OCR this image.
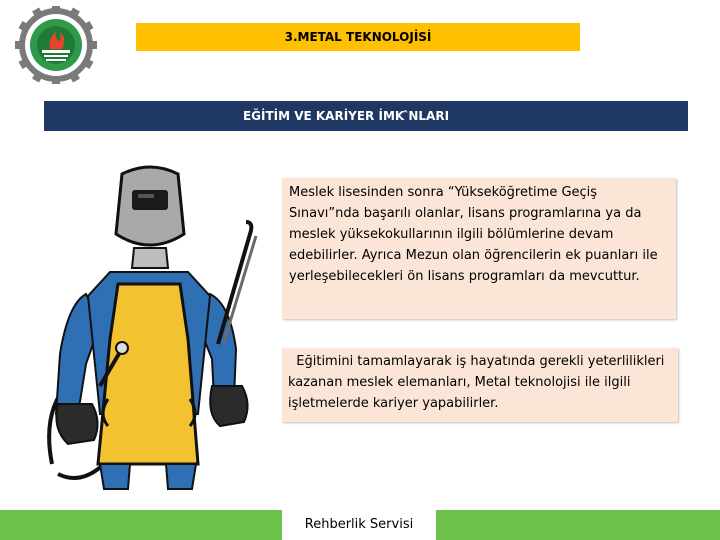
3.METAL TEKNOLOJİSİ
EĞİTİM VE KARİYER İMK ̂NLARI
Meslek lisesinden sonra “Yükseköğretime Geçiş Sınavı”nda başarılı olanlar, lisans programlarına ya da meslek yüksekokullarının ilgili bölümlerine devam edebilirler. Ayrıca Mezun olan öğrencilerin ek puanları ile yerleşebilecekleri ön lisans programları da mevcuttur.
Eğitimini tamamlayarak iş hayatında gerekli yeterlilikleri kazanan meslek elemanları, Metal teknolojisi ile ilgili işletmelerde kariyer yapabilirler.
Rehberlik Servisi
